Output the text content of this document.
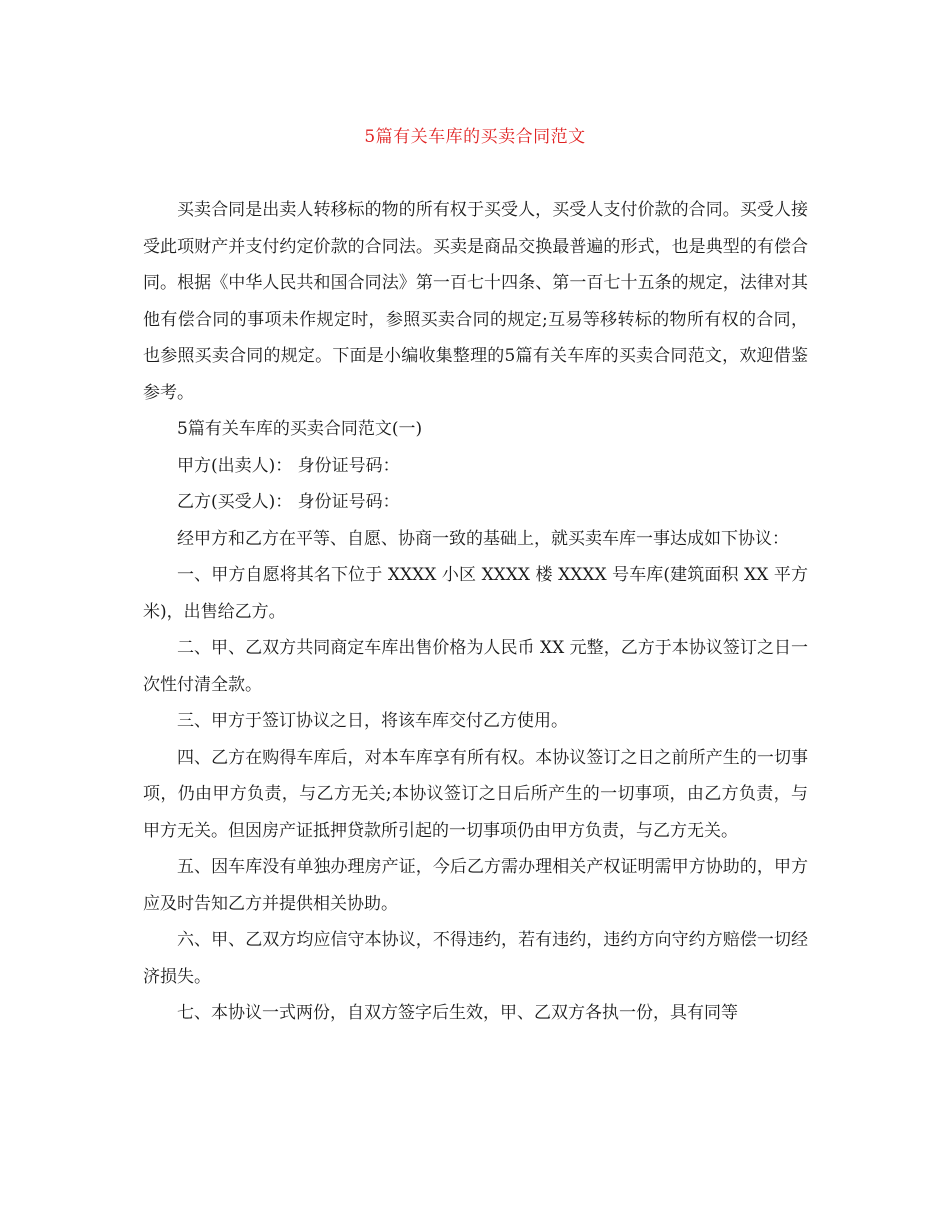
5篇有关车库的买卖合同范文

买卖合同是出卖人转移标的物的所有权于买受人，买受人支付价款的合同。买受人接受此项财产并支付约定价款的合同法。买卖是商品交换最普遍的形式，也是典型的有偿合同。根据《中华人民共和国合同法》第一百七十四条、第一百七十五条的规定，法律对其他有偿合同的事项未作规定时，参照买卖合同的规定;互易等移转标的物所有权的合同，也参照买卖合同的规定。下面是小编收集整理的5篇有关车库的买卖合同范文，欢迎借鉴参考。

5篇有关车库的买卖合同范文(一)

甲方(出卖人)： 身份证号码：

乙方(买受人)： 身份证号码：

经甲方和乙方在平等、自愿、协商一致的基础上，就买卖车库一事达成如下协议：

一、甲方自愿将其名下位于 XXXX 小区 XXXX 楼 XXXX 号车库(建筑面积 XX 平方米)，出售给乙方。

二、甲、乙双方共同商定车库出售价格为人民币 XX 元整，乙方于本协议签订之日一次性付清全款。

三、甲方于签订协议之日，将该车库交付乙方使用。

四、乙方在购得车库后，对本车库享有所有权。本协议签订之日之前所产生的一切事项，仍由甲方负责，与乙方无关;本协议签订之日后所产生的一切事项，由乙方负责，与甲方无关。但因房产证抵押贷款所引起的一切事项仍由甲方负责，与乙方无关。

五、因车库没有单独办理房产证，今后乙方需办理相关产权证明需甲方协助的，甲方应及时告知乙方并提供相关协助。

六、甲、乙双方均应信守本协议，不得违约，若有违约，违约方向守约方赔偿一切经济损失。

七、本协议一式两份，自双方签字后生效，甲、乙双方各执一份，具有同等
